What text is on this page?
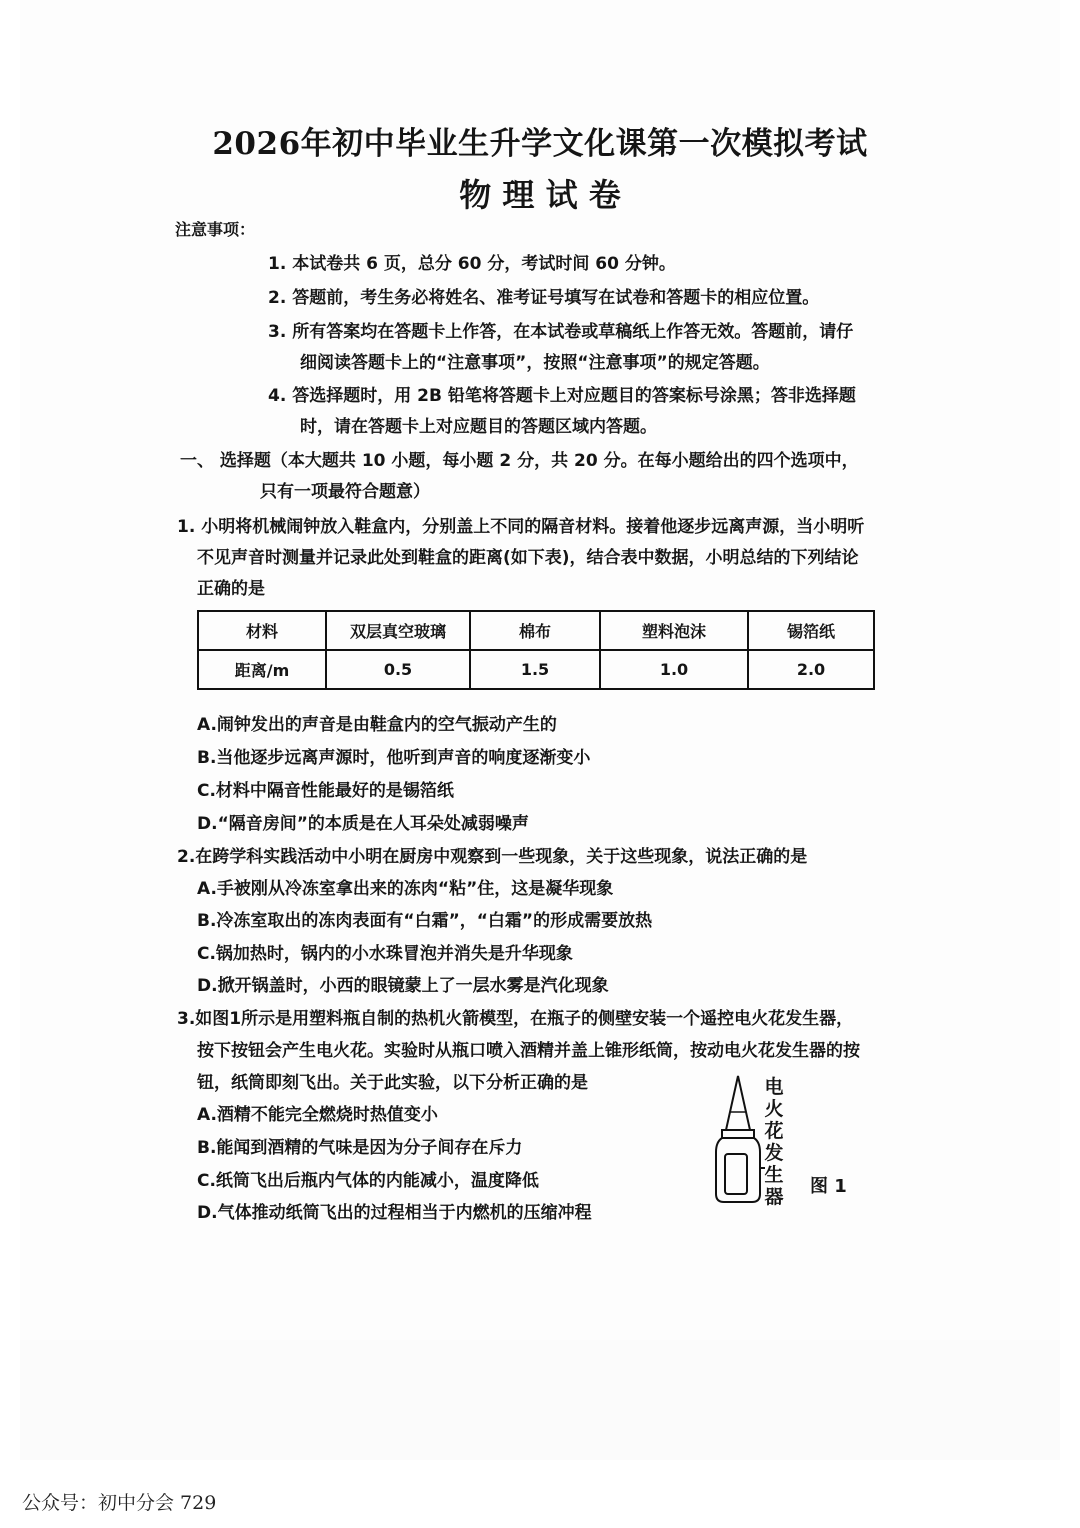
2026年初中毕业生升学文化课第一次模拟考试
物 理 试 卷
注意事项：
1. 本试卷共 6 页，总分 60 分，考试时间 60 分钟。
2. 答题前，考生务必将姓名、准考证号填写在试卷和答题卡的相应位置。
3. 所有答案均在答题卡上作答，在本试卷或草稿纸上作答无效。答题前，请仔
细阅读答题卡上的“注意事项”，按照“注意事项”的规定答题。
4. 答选择题时，用 2B 铅笔将答题卡上对应题目的答案标号涂黑；答非选择题
时，请在答题卡上对应题目的答题区域内答题。
一、 选择题（本大题共 10 小题，每小题 2 分，共 20 分。在每小题给出的四个选项中，
只有一项最符合题意）
1. 小明将机械闹钟放入鞋盒内，分别盖上不同的隔音材料。接着他逐步远离声源，当小明听
不见声音时测量并记录此处到鞋盒的距离(如下表)，结合表中数据，小明总结的下列结论
正确的是
材料	双层真空玻璃	棉布	塑料泡沫	锡箔纸
距离/m	0.5	1.5	1.0	2.0
A.闹钟发出的声音是由鞋盒内的空气振动产生的
B.当他逐步远离声源时，他听到声音的响度逐渐变小
C.材料中隔音性能最好的是锡箔纸
D.“隔音房间”的本质是在人耳朵处减弱噪声
2.在跨学科实践活动中小明在厨房中观察到一些现象，关于这些现象，说法正确的是
A.手被刚从冷冻室拿出来的冻肉“粘”住，这是凝华现象
B.冷冻室取出的冻肉表面有“白霜”，“白霜”的形成需要放热
C.锅加热时，锅内的小水珠冒泡并消失是升华现象
D.掀开锅盖时，小西的眼镜蒙上了一层水雾是汽化现象
3.如图1所示是用塑料瓶自制的热机火箭模型，在瓶子的侧壁安装一个遥控电火花发生器，
按下按钮会产生电火花。实验时从瓶口喷入酒精并盖上锥形纸筒，按动电火花发生器的按
钮，纸筒即刻飞出。关于此实验，以下分析正确的是
A.酒精不能完全燃烧时热值变小
B.能闻到酒精的气味是因为分子间存在斥力
C.纸筒飞出后瓶内气体的内能减小，温度降低
D.气体推动纸筒飞出的过程相当于内燃机的压缩冲程
电火花发生器 图 1
公众号：初中分会 729
